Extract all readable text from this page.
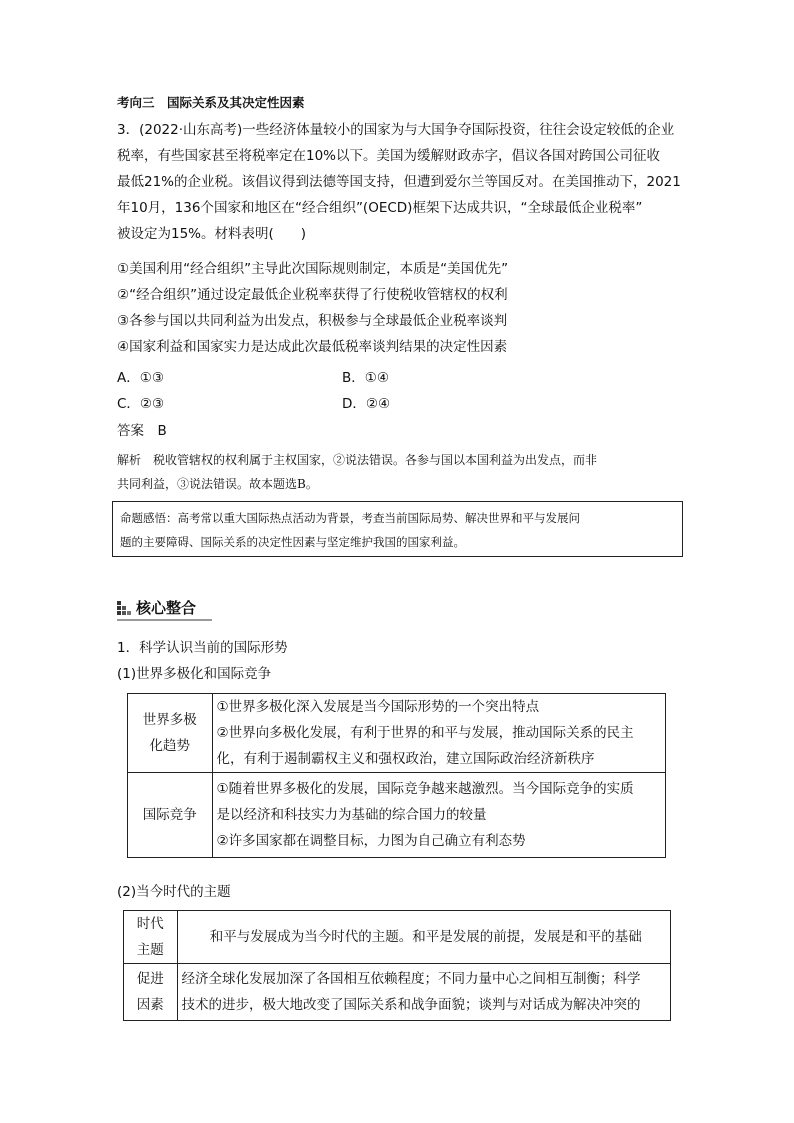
考向三　国际关系及其决定性因素
3．(2022·山东高考)一些经济体量较小的国家为与大国争夺国际投资，往往会设定较低的企业
税率，有些国家甚至将税率定在10%以下。美国为缓解财政赤字，倡议各国对跨国公司征收
最低21%的企业税。该倡议得到法德等国支持，但遭到爱尔兰等国反对。在美国推动下，2021
年10月，136个国家和地区在“经合组织”(OECD)框架下达成共识，“全球最低企业税率”
被设定为15%。材料表明(　　)
①美国利用“经合组织”主导此次国际规则制定，本质是“美国优先”
②“经合组织”通过设定最低企业税率获得了行使税收管辖权的权利
③各参与国以共同利益为出发点，积极参与全球最低企业税率谈判
④国家利益和国家实力是达成此次最低税率谈判结果的决定性因素
A．①③	B．①④
C．②③	D．②④
答案　B
解析　税收管辖权的权利属于主权国家，②说法错误。各参与国以本国利益为出发点，而非
共同利益，③说法错误。故本题选B。
命题感悟：高考常以重大国际热点活动为背景，考查当前国际局势、解决世界和平与发展问
题的主要障碍、国际关系的决定性因素与坚定维护我国的国家利益。
核心整合
1．科学认识当前的国际形势
(1)世界多极化和国际竞争
世界多极
化趋势	①世界多极化深入发展是当今国际形势的一个突出特点
②世界向多极化发展，有利于世界的和平与发展，推动国际关系的民主
化，有利于遏制霸权主义和强权政治，建立国际政治经济新秩序

国际竞争	①随着世界多极化的发展，国际竞争越来越激烈。当今国际竞争的实质
是以经济和科技实力为基础的综合国力的较量
②许多国家都在调整目标，力图为自己确立有利态势
(2)当今时代的主题
时代
主题	和平与发展成为当今时代的主题。和平是发展的前提，发展是和平的基础

促进
因素	经济全球化发展加深了各国相互依赖程度；不同力量中心之间相互制衡；科学
技术的进步，极大地改变了国际关系和战争面貌；谈判与对话成为解决冲突的
